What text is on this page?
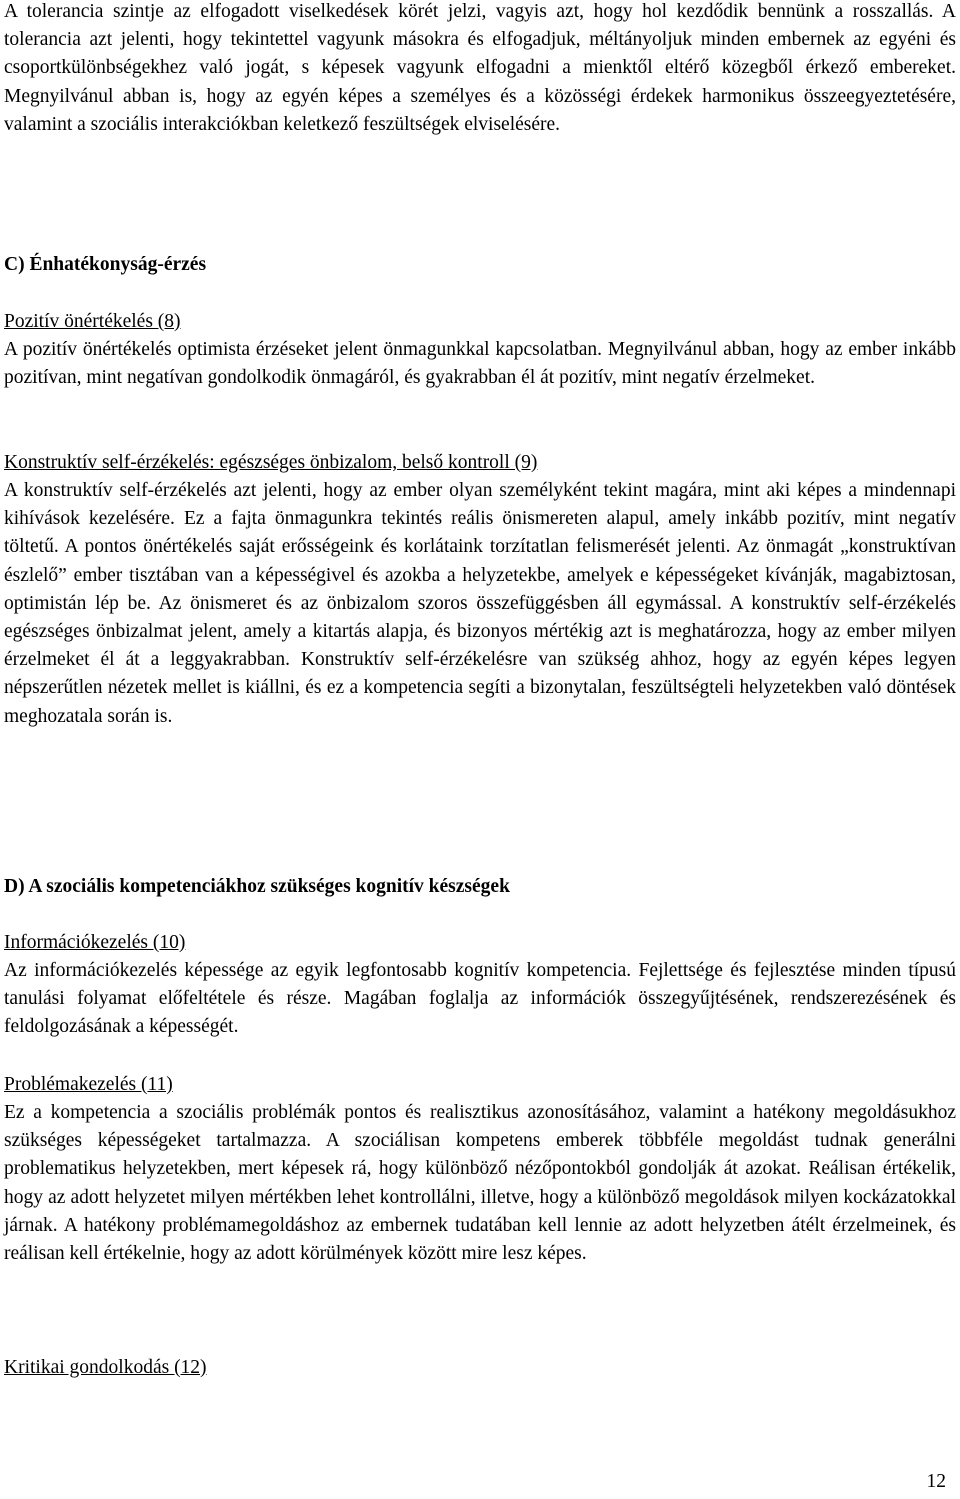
A tolerancia szintje az elfogadott viselkedések körét jelzi, vagyis azt, hogy hol kezdődik bennünk a rosszallás. A tolerancia azt jelenti, hogy tekintettel vagyunk másokra és elfogadjuk, méltányoljuk minden embernek az egyéni és csoportkülönbségekhez való jogát, s képesek vagyunk elfogadni a mienktől eltérő közegből érkező embereket. Megnyilvánul abban is, hogy az egyén képes a személyes és a közösségi érdekek harmonikus összeegyeztetésére, valamint a szociális interakciókban keletkező feszültségek elviselésére.

C) Énhatékonyság-érzés
Pozitív önértékelés (8)

A pozitív önértékelés optimista érzéseket jelent önmagunkkal kapcsolatban. Megnyilvánul abban, hogy az ember inkább pozitívan, mint negatívan gondolkodik önmagáról, és gyakrabban él át pozitív, mint negatív érzelmeket.

Konstruktív self-érzékelés: egészséges önbizalom, belső kontroll (9)

A konstruktív self-érzékelés azt jelenti, hogy az ember olyan személyként tekint magára, mint aki képes a mindennapi kihívások kezelésére. Ez a fajta önmagunkra tekintés reális önismereten alapul, amely inkább pozitív, mint negatív töltetű. A pontos önértékelés saját erősségeink és korlátaink torzítatlan felismerését jelenti. Az önmagát „konstruktívan észlelő” ember tisztában van a képességivel és azokba a helyzetekbe, amelyek e képességeket kívánják, magabiztosan, optimistán lép be. Az önismeret és az önbizalom szoros összefüggésben áll egymással. A konstruktív self-érzékelés egészséges önbizalmat jelent, amely a kitartás alapja, és bizonyos mértékig azt is meghatározza, hogy az ember milyen érzelmeket él át a leggyakrabban. Konstruktív self-érzékelésre van szükség ahhoz, hogy az egyén képes legyen népszerűtlen nézetek mellet is kiállni, és ez a kompetencia segíti a bizonytalan, feszültségteli helyzetekben való döntések meghozatala során is.

D) A szociális kompetenciákhoz szükséges kognitív készségek
Információkezelés (10)

Az információkezelés képessége az egyik legfontosabb kognitív kompetencia. Fejlettsége és fejlesztése minden típusú tanulási folyamat előfeltétele és része. Magában foglalja az információk összegyűjtésének, rendszerezésének és feldolgozásának a képességét.

Problémakezelés (11)

Ez a kompetencia a szociális problémák pontos és realisztikus azonosításához, valamint a hatékony megoldásukhoz szükséges képességeket tartalmazza. A szociálisan kompetens emberek többféle megoldást tudnak generálni problematikus helyzetekben, mert képesek rá, hogy különböző nézőpontokból gondolják át azokat. Reálisan értékelik, hogy az adott helyzetet milyen mértékben lehet kontrollálni, illetve, hogy a különböző megoldások milyen kockázatokkal járnak. A hatékony problémamegoldáshoz az embernek tudatában kell lennie az adott helyzetben átélt érzelmeinek, és reálisan kell értékelnie, hogy az adott körülmények között mire lesz képes.

Kritikai gondolkodás (12)
12
